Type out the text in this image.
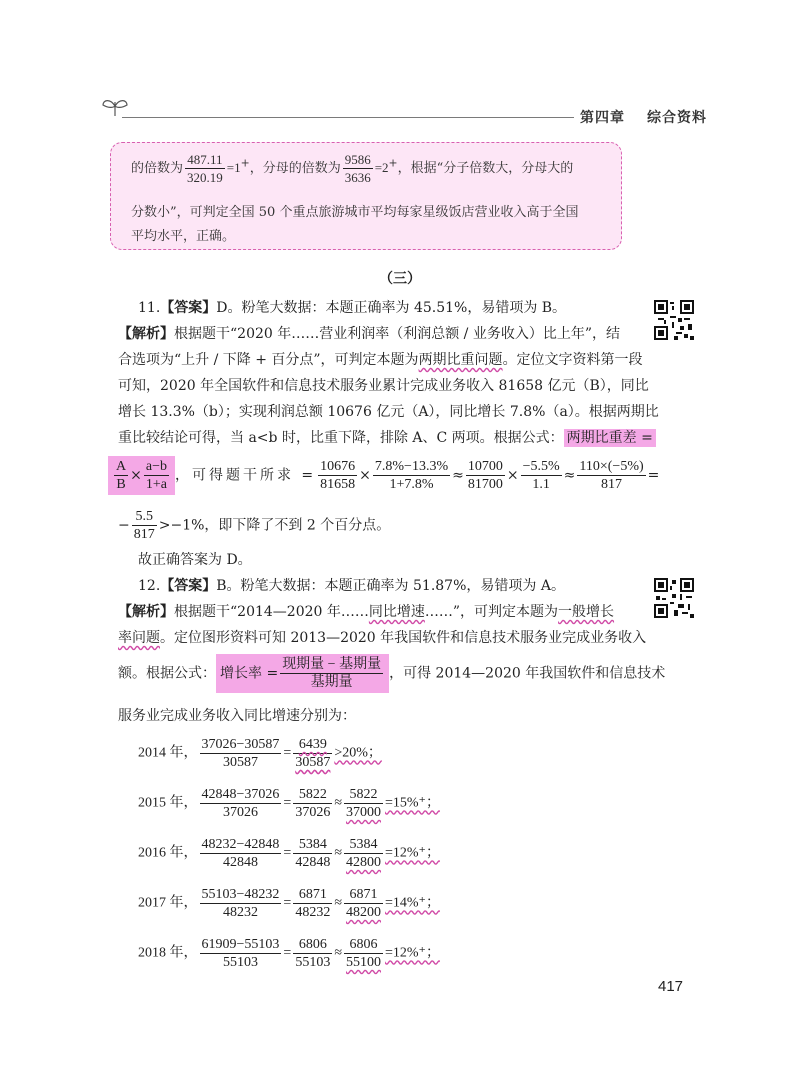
第四章 综合资料
的倍数为 $\frac{487.11}{320.19} =1^+$，分母的倍数为 $\frac{9586}{3636} =2^+$，根据“分子倍数大，分母大的
分数小”，可判定全国 50 个重点旅游城市平均每家星级饭店营业收入高于全国
平均水平，正确。
（三）
11.【答案】D。粉笔大数据：本题正确率为 45.51%，易错项为 B。
【解析】根据题干“2020 年……营业利润率（利润总额 / 业务收入）比上年”，结
合选项为“上升 / 下降 + 百分点”，可判定本题为两期比重问题。定位文字资料第一段
可知，2020 年全国软件和信息技术服务业累计完成业务收入 81658 亿元（B），同比
增长 13.3%（b）；实现利润总额 10676 亿元（A），同比增长 7.8%（a）。根据两期比
重比较结论可得，当 a<b 时，比重下降，排除 A、C 两项。根据公式： 两期比重差 =
$\frac{A}{B} \times \frac{a-b}{1+a}$ ，可得题干所求 = $\frac{10676}{81658} \times \frac{7.8\%-13.3\%}{1+7.8\%} \approx \frac{10700}{81700} \times \frac{-5.5\%}{1.1} \approx \frac{110\times(-5\%)}{817}$ =
− $\frac{5.5}{817} >-1\%$，即下降了不到 2 个百分点。
故正确答案为 D。
12.【答案】B。粉笔大数据：本题正确率为 51.87%，易错项为 A。
【解析】根据题干“2014—2020 年……同比增速……”，可判定本题为一般增长
率问题。定位图形资料可知 2013—2020 年我国软件和信息技术服务业完成业务收入
额。根据公式： 增长率 = $\frac{\text{现期量 − 基期量}}{\text{基期量}}$ ，可得 2014—2020 年我国软件和信息技术
服务业完成业务收入同比增速分别为：
2014 年， $\frac{37026-30587}{30587} = \frac{6439}{30587} >20\%$；
2015 年， $\frac{42848-37026}{37026} = \frac{5822}{37026} \approx \frac{5822}{37000} =15\%^+$；
2016 年， $\frac{48232-42848}{42848} = \frac{5384}{42848} \approx \frac{5384}{42800} =12\%^+$；
2017 年， $\frac{55103-48232}{48232} = \frac{6871}{48232} \approx \frac{6871}{48200} =14\%^+$；
2018 年， $\frac{61909-55103}{55103} = \frac{6806}{55103} \approx \frac{6806}{55100} =12\%^+$；
417
